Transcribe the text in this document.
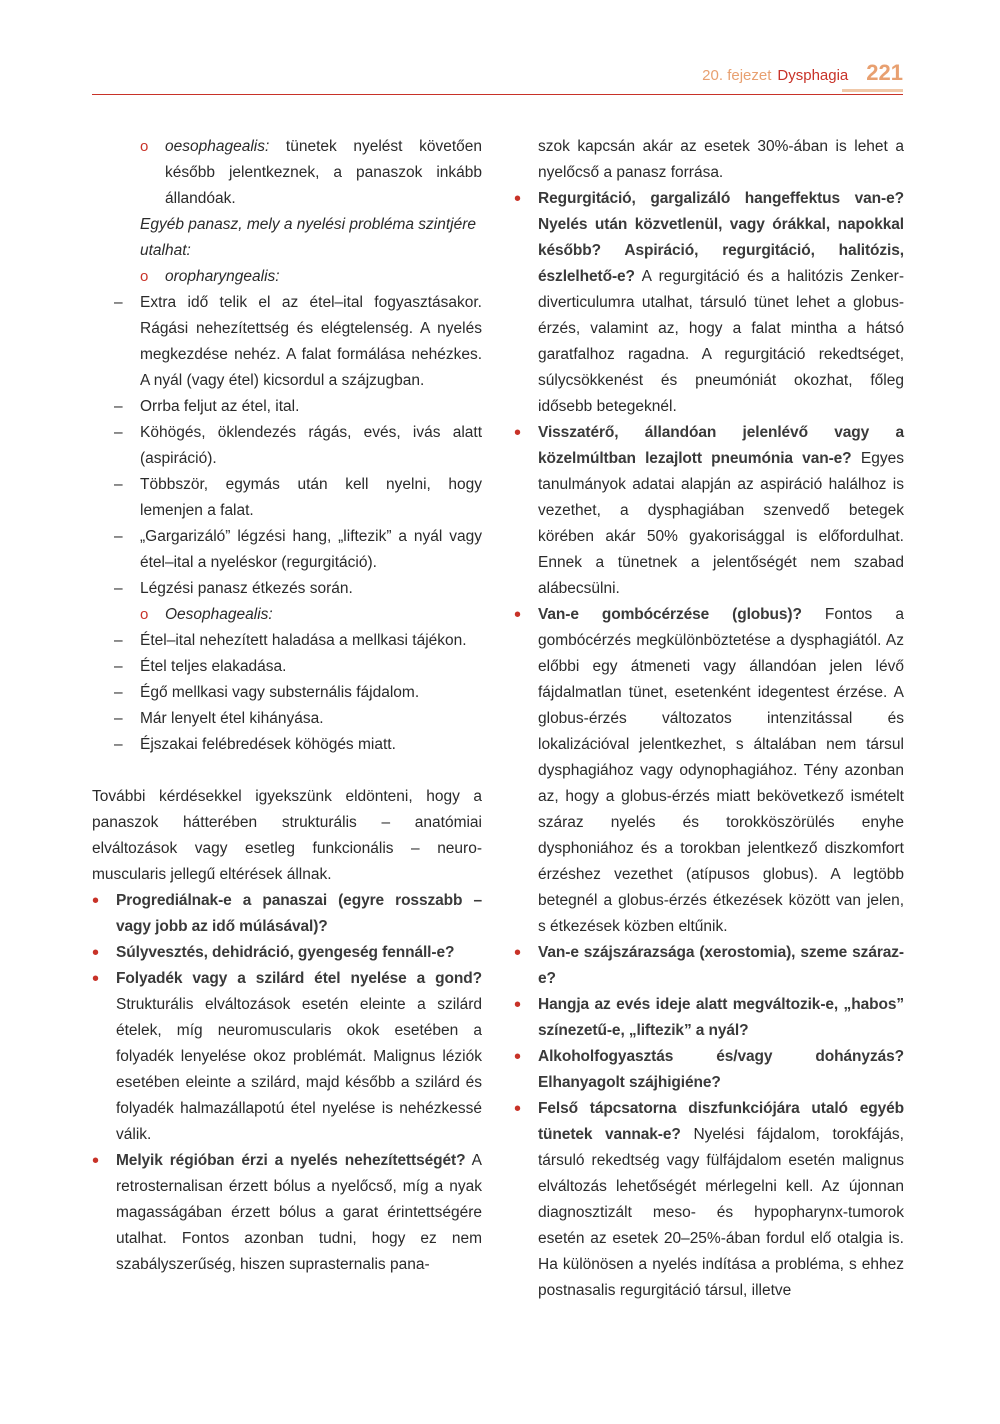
20. fejezet Dysphagia 221
o oesophagealis: tünetek nyelést követően később jelentkeznek, a panaszok inkább állandóak.
Egyéb panasz, mely a nyelési probléma szintjére utalhat:
o oropharyngealis:
– Extra idő telik el az étel–ital fogyasztásakor. Rágási nehezítettség és elégtelenség. A nyelés megkezdése nehéz. A falat formálása nehézkes. A nyál (vagy étel) kicsordul a szájzugban.
– Orrba feljut az étel, ital.
– Köhögés, öklendezés rágás, evés, ivás alatt (aspiráció).
– Többször, egymás után kell nyelni, hogy lemenjen a falat.
– „Gargarizáló” légzési hang, „liftezik” a nyál vagy étel–ital a nyeléskor (regurgitáció).
– Légzési panasz étkezés során.
o Oesophagealis:
– Étel–ital nehezített haladása a mellkasi tájékon.
– Étel teljes elakadása.
– Égő mellkasi vagy substernális fájdalom.
– Már lenyelt étel kihányása.
– Éjszakai felébredések köhögés miatt.
További kérdésekkel igyekszünk eldönteni, hogy a panaszok hátterében strukturális – anatómiai elváltozások vagy esetleg funkcionális – neuro-muscularis jellegű eltérések állnak.
• Progrediálnak-e a panaszai (egyre rosszabb – vagy jobb az idő múlásával)?
• Súlyvesztés, dehidráció, gyengeség fennáll-e?
• Folyadék vagy a szilárd étel nyelése a gond? Strukturális elváltozások esetén eleinte a szilárd ételek, míg neuromuscularis okok esetében a folyadék lenyelése okoz problémát. Malignus léziók esetében eleinte a szilárd, majd később a szilárd és folyadék halmazállapotú étel nyelése is nehézkessé válik.
• Melyik régióban érzi a nyelés nehezítettségét? A retrosternalisan érzett bólus a nyelőcső, míg a nyak magasságában érzett bólus a garat érintettségére utalhat. Fontos azonban tudni, hogy ez nem szabályszerűség, hiszen suprasternalis pana-
szok kapcsán akár az esetek 30%-ában is lehet a nyelőcső a panasz forrása.
• Regurgitáció, gargalizáló hangeffektus van-e? Nyelés után közvetlenül, vagy órákkal, napokkal később? Aspiráció, regurgitáció, halitózis, észlelhető-e? A regurgitáció és a halitózis Zenker-diverticulumra utalhat, társuló tünet lehet a globus-érzés, valamint az, hogy a falat mintha a hátsó garatfalhoz ragadna. A regurgitáció rekedtséget, súlycsökkenést és pneumóniát okozhat, főleg idősebb betegeknél.
• Visszatérő, állandóan jelenlévő vagy a közelmúltban lezajlott pneumónia van-e? Egyes tanulmányok adatai alapján az aspiráció halálhoz is vezethet, a dysphagiában szenvedő betegek körében akár 50% gyakorisággal is előfordulhat. Ennek a tünetnek a jelentőségét nem szabad alábecsülni.
• Van-e gombócérzése (globus)? Fontos a gombócérzés megkülönböztetése a dysphagiától. Az előbbi egy átmeneti vagy állandóan jelen lévő fájdalmatlan tünet, esetenként idegentest érzése. A globus-érzés változatos intenzitással és lokalizációval jelentkezhet, s általában nem társul dysphagiához vagy odynophagiához. Tény azonban az, hogy a globus-érzés miatt bekövetkező ismételt száraz nyelés és torokköszörülés enyhe dysphoniához és a torokban jelentkező diszkomfort érzéshez vezethet (atípusos globus). A legtöbb betegnél a globus-érzés étkezések között van jelen, s étkezések közben eltűnik.
• Van-e szájszárazsága (xerostomia), szeme száraz-e?
• Hangja az evés ideje alatt megváltozik-e, „habos” színezetű-e, „liftezik” a nyál?
• Alkoholfogyasztás és/vagy dohányzás? Elhanyagolt szájhigiéne?
• Felső tápcsatorna diszfunkciójára utaló egyéb tünetek vannak-e? Nyelési fájdalom, torokfájás, társuló rekedtség vagy fülfájdalom esetén malignus elváltozás lehetőségét mérlegelni kell. Az újonnan diagnosztizált meso- és hypopharynx-tumorok esetén az esetek 20–25%-ában fordul elő otalgia is. Ha különösen a nyelés indítása a probléma, s ehhez postnasalis regurgitáció társul, illetve
